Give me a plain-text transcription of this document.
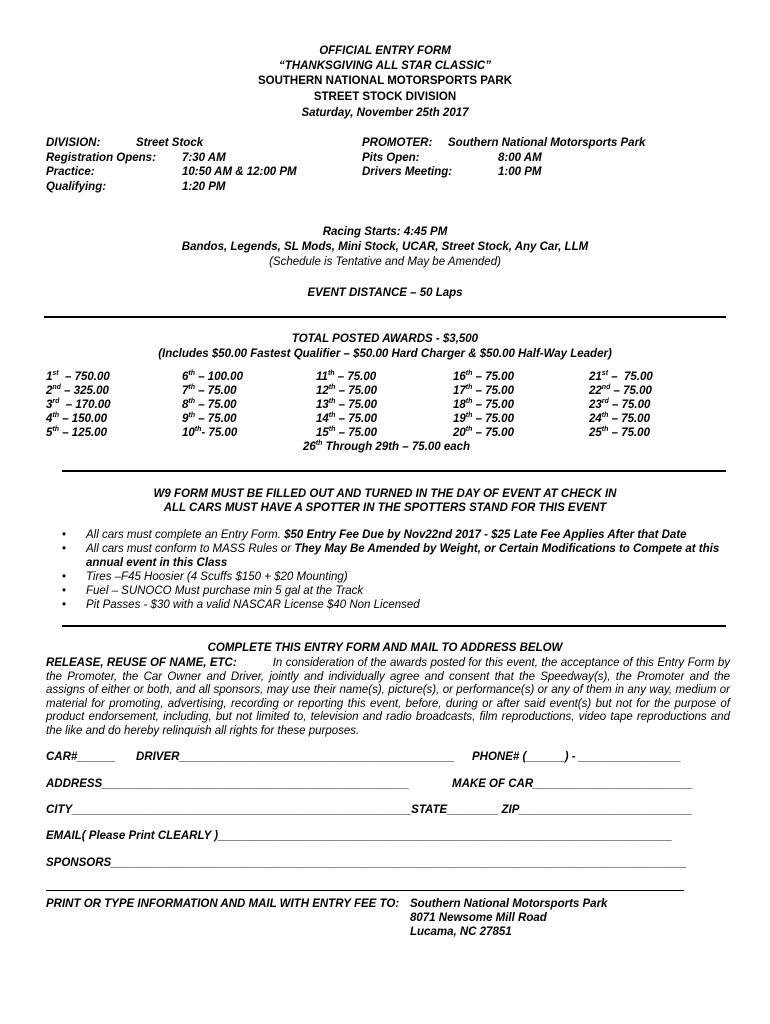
OFFICIAL ENTRY FORM
“THANKSGIVING ALL STAR CLASSIC”
SOUTHERN NATIONAL MOTORSPORTS PARK
STREET STOCK DIVISION
Saturday, November 25th 2017
DIVISION:	Street Stock
Registration Opens: 7:30 AM
Practice:	10:50 AM & 12:00 PM
Qualifying:	1:20 PM
PROMOTER: Southern National Motorsports Park
Pits Open:	8:00 AM
Drivers Meeting:	1:00 PM
Racing Starts: 4:45 PM
Bandos, Legends, SL Mods, Mini Stock, UCAR, Street Stock, Any Car, LLM
(Schedule is Tentative and May be Amended)
EVENT DISTANCE – 50 Laps
TOTAL POSTED AWARDS - $3,500
(Includes $50.00 Fastest Qualifier – $50.00 Hard Charger & $50.00 Half-Way Leader)
1st  – 750.00
2nd – 325.00
3rd  – 170.00
4th – 150.00
5th – 125.00
6th – 100.00
7th – 75.00
8th – 75.00
9th – 75.00
10th- 75.00
11th – 75.00
12th – 75.00
13th – 75.00
14th – 75.00
15th – 75.00
16th – 75.00
17th – 75.00
18th – 75.00
19th – 75.00
20th – 75.00
21st –  75.00
22nd – 75.00
23rd – 75.00
24th – 75.00
25th – 75.00
26th Through 29th – 75.00 each
W9 FORM MUST BE FILLED OUT AND TURNED IN THE DAY OF EVENT AT CHECK IN
ALL CARS MUST HAVE A SPOTTER IN THE SPOTTERS STAND FOR THIS EVENT
• All cars must complete an Entry Form. $50 Entry Fee Due by Nov22nd 2017 - $25 Late Fee Applies After that Date
• All cars must conform to MASS Rules or They May Be Amended by Weight, or Certain Modifications to Compete at this annual event in this Class
• Tires –F45 Hoosier (4 Scuffs $150 + $20 Mounting)
• Fuel – SUNOCO Must purchase min 5 gal at the Track
• Pit Passes - $30 with a valid NASCAR License $40 Non Licensed
COMPLETE THIS ENTRY FORM AND MAIL TO ADDRESS BELOW
RELEASE, REUSE OF NAME, ETC:	In consideration of the awards posted for this event, the acceptance of this Entry Form by the Promoter, the Car Owner and Driver, jointly and individually agree and consent that the Speedway(s), the Promoter and the assigns of either or both, and all sponsors, may use their name(s), picture(s), or performance(s) or any of them in any way, medium or material for promoting, advertising, recording or reporting this event, before, during or after said event(s) but not for the purpose of product endorsement, including, but not limited to, television and radio broadcasts, film reproductions, video tape reproductions and the like and do hereby relinquish all rights for these purposes.
CAR#______ DRIVER___________________________________________ PHONE# (______) - ________________
ADDRESS________________________________________________	MAKE OF CAR_________________________
CITY_____________________________________________________STATE________ ZIP___________________________
EMAIL( Please Print CLEARLY )_______________________________________________________________________
SPONSORS__________________________________________________________________________________________
PRINT OR TYPE INFORMATION AND MAIL WITH ENTRY FEE TO: Southern National Motorsports Park
8071 Newsome Mill Road
Lucama, NC 27851
